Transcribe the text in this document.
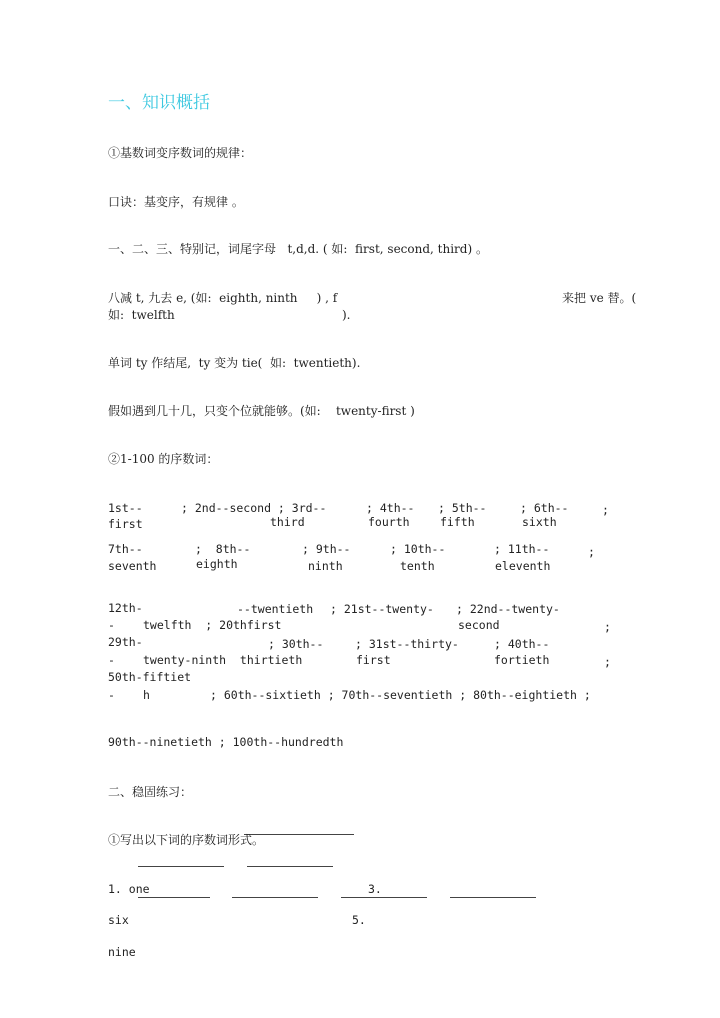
一、知识概括
①基数词变序数词的规律：
口诀：基变序，有规律 。
一、二、三、特别记，词尾字母   t,d,d. ( 如:  first, second, third) 。
八减 t, 九去 e, (如:  eighth, ninth     ) , f	来把 ve 替。(
如:  twelfth	).
单词 ty 作结尾,  ty 变为 tie(  如:  twentieth).
假如遇到几十几，只变个位就能够。(如:    twenty-first )
②1-100 的序数词：
1st--
first
; 2nd--second ; 3rd--
third
; 4th--
fourth
; 5th--
fifth
; 6th--
sixth
;
7th--
seventh
;  8th--
eighth
; 9th--
ninth
; 10th--
tenth
; 11th--
eleventh
;
12th-	--twentieth ; 21st--twenty- ; 22nd--twenty-
- twelfth  ; 20thfirst	second	;
29th-	; 30th--	; 31st--thirty-	; 40th--
- twenty-ninth  thirtieth	first	fortieth	;
50th-fiftiet
- h	; 60th--sixtieth ; 70th--seventieth ; 80th--eightieth ;
90th--ninetieth ; 100th--hundredth
二、稳固练习：
①写出以下词的序数词形式。
1. one	3.
six	5.
nine
